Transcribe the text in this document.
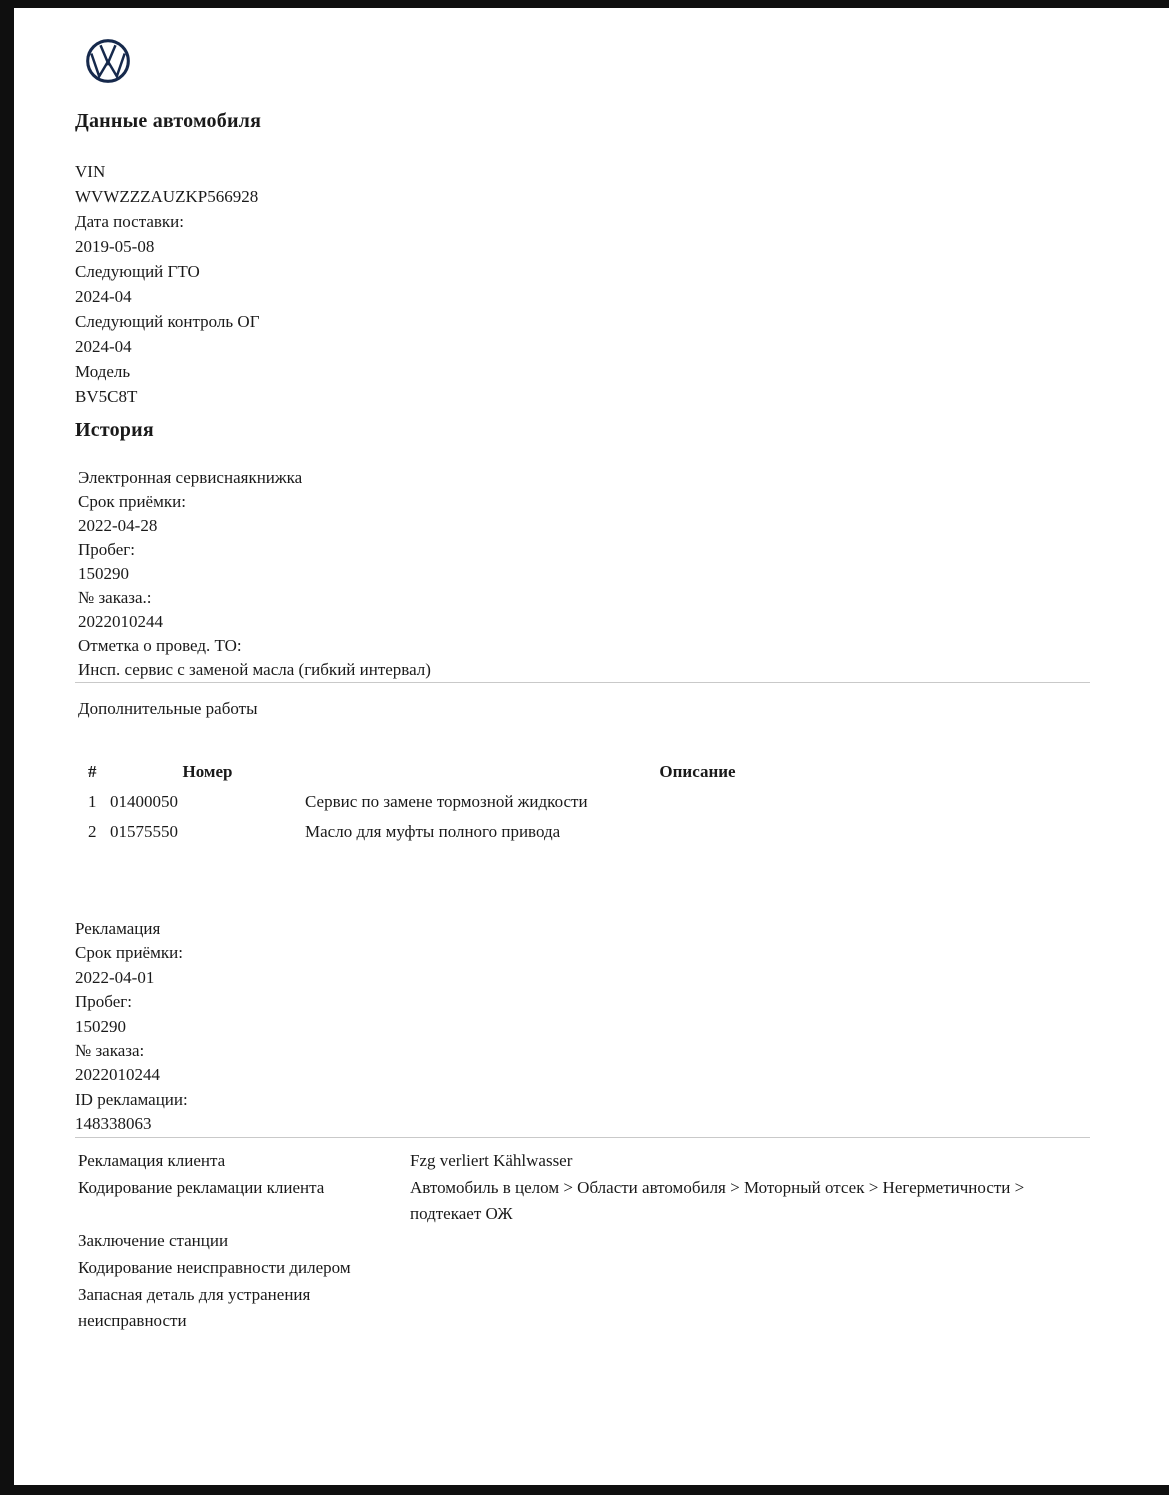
Данные автомобиля
VIN
WVWZZZAUZKP566928
Дата поставки:
2019-05-08
Следующий ГТО
2024-04
Следующий контроль ОГ
2024-04
Модель
BV5C8T
История
Электронная сервиснаякнижка
Срок приёмки:
2022-04-28
Пробег:
150290
№ заказа.:
2022010244
Отметка о провед. ТО:
Инсп. сервис с заменой масла (гибкий интервал)
Дополнительные работы
#	Номер	Описание
1 01400050	Сервис по замене тормозной жидкости
2 01575550	Масло для муфты полного привода
Рекламация
Срок приёмки:
2022-04-01
Пробег:
150290
№ заказа:
2022010244
ID рекламации:
148338063
Рекламация клиента	Fzg verliert Kählwasser
Кодирование рекламации клиента	Автомобиль в целом > Области автомобиля > Моторный отсек > Негерметичности > подтекает ОЖ
Заключение станции
Кодирование неисправности дилером
Запасная деталь для устранения неисправности
